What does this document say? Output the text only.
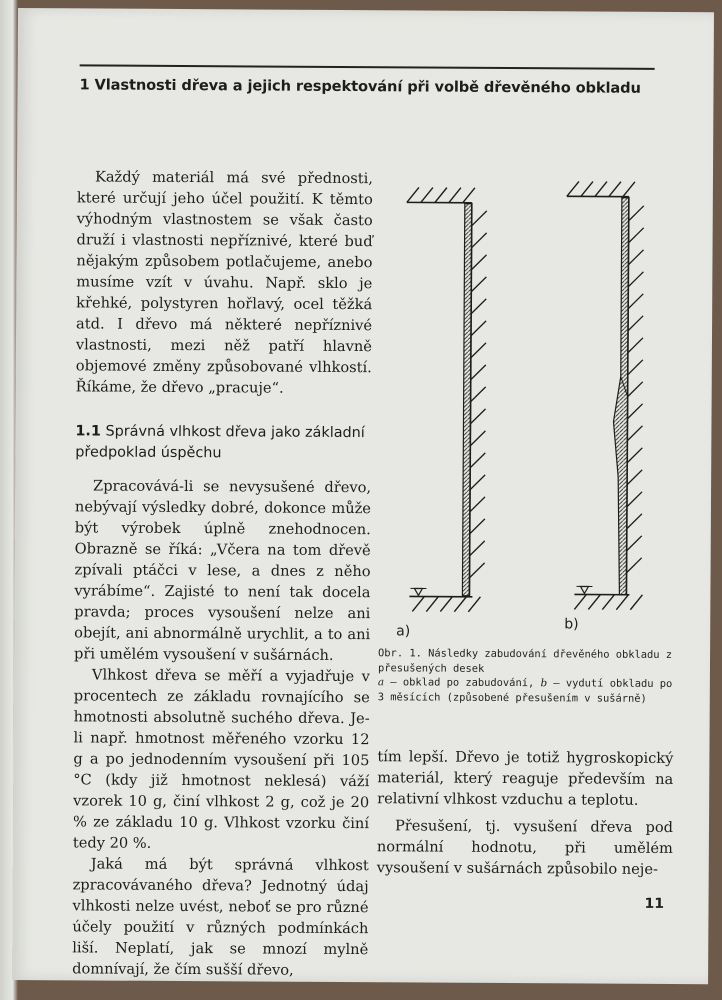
1 Vlastnosti dřeva a jejich respektování při volbě dřevěného obkladu

Každý materiál má své přednosti, které určují jeho účel použití. K těmto výhodným vlastnostem se však často druží i vlastnosti nepříznivé, které buď nějakým způsobem potlačujeme, anebo musíme vzít v úvahu. Např. sklo je křehké, polystyren hořlavý, ocel těžká atd. I dřevo má některé nepříznivé vlastnosti, mezi něž patří hlavně objemové změny způsobované vlhkostí. Říkáme, že dřevo „pracuje“.

1.1 Správná vlhkost dřeva jako základní předpoklad úspěchu

Zpracovává-li se nevysušené dřevo, nebývají výsledky dobré, dokonce může být výrobek úplně znehodnocen. Obrazně se říká: „Včera na tom dřevě zpívali ptáčci v lese, a dnes z něho vyrábíme“. Zajisté to není tak docela pravda; proces vysoušení nelze ani obejít, ani abnormálně urychlit, a to ani při umělém vysoušení v sušárnách.

Vlhkost dřeva se měří a vyjadřuje v procentech ze základu rovnajícího se hmotnosti absolutně suchého dřeva. Je-li např. hmotnost měřeného vzorku 12 g a po jednodenním vysoušení při 105 °C (kdy již hmotnost neklesá) váží vzorek 10 g, činí vlhkost 2 g, což je 20 % ze základu 10 g. Vlhkost vzorku činí tedy 20 %.

Jaká má být správná vlhkost zpracovávaného dřeva? Jednotný údaj vlhkosti nelze uvést, neboť se pro různé účely použití v různých podmínkách liší. Neplatí, jak se mnozí mylně domnívají, že čím sušší dřevo,

a)	b)
Obr. 1. Následky zabudování dřevěného obkladu z přesušených desek
a — obklad po zabudování, b — vydutí obkladu po 3 měsících (způsobené přesušením v sušárně)

tím lepší. Dřevo je totiž hygroskopický materiál, který reaguje především na relativní vlhkost vzduchu a teplotu.

Přesušení, tj. vysušení dřeva pod normální hodnotu, při umělém vysoušení v sušárnách způsobilo neje-

11
